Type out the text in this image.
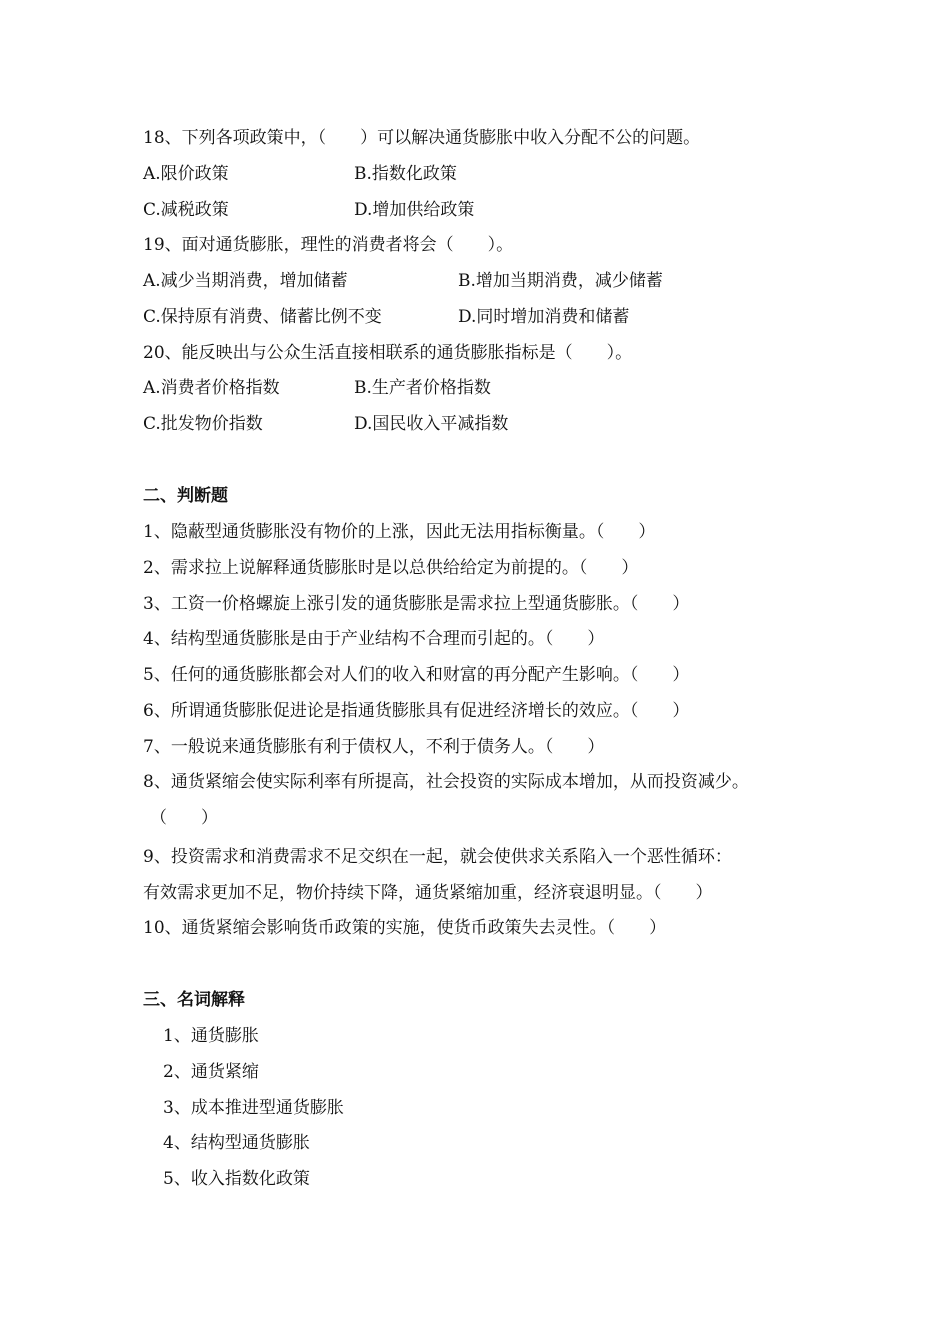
18、下列各项政策中，（　　）可以解决通货膨胀中收入分配不公的问题。
A.限价政策	B.指数化政策
C.减税政策	D.增加供给政策
19、面对通货膨胀，理性的消费者将会（　　）。
A.减少当期消费，增加储蓄	B.增加当期消费，减少储蓄
C.保持原有消费、储蓄比例不变	D.同时增加消费和储蓄
20、能反映出与公众生活直接相联系的通货膨胀指标是（　　）。
A.消费者价格指数	B.生产者价格指数
C.批发物价指数	D.国民收入平减指数
二、判断题
1、隐蔽型通货膨胀没有物价的上涨，因此无法用指标衡量。（　　）
2、需求拉上说解释通货膨胀时是以总供给给定为前提的。（　　）
3、工资一价格螺旋上涨引发的通货膨胀是需求拉上型通货膨胀。（　　）
4、结构型通货膨胀是由于产业结构不合理而引起的。（　　）
5、任何的通货膨胀都会对人们的收入和财富的再分配产生影响。（　　）
6、所谓通货膨胀促进论是指通货膨胀具有促进经济增长的效应。（　　）
7、一般说来通货膨胀有利于债权人，不利于债务人。（　　）
8、通货紧缩会使实际利率有所提高，社会投资的实际成本增加，从而投资减少。
（　　）
9、投资需求和消费需求不足交织在一起，就会使供求关系陷入一个恶性循环：
有效需求更加不足，物价持续下降，通货紧缩加重，经济衰退明显。（　　）
10、通货紧缩会影响货币政策的实施，使货币政策失去灵性。（　　）
三、名词解释
1、通货膨胀
2、通货紧缩
3、成本推进型通货膨胀
4、结构型通货膨胀
5、收入指数化政策
